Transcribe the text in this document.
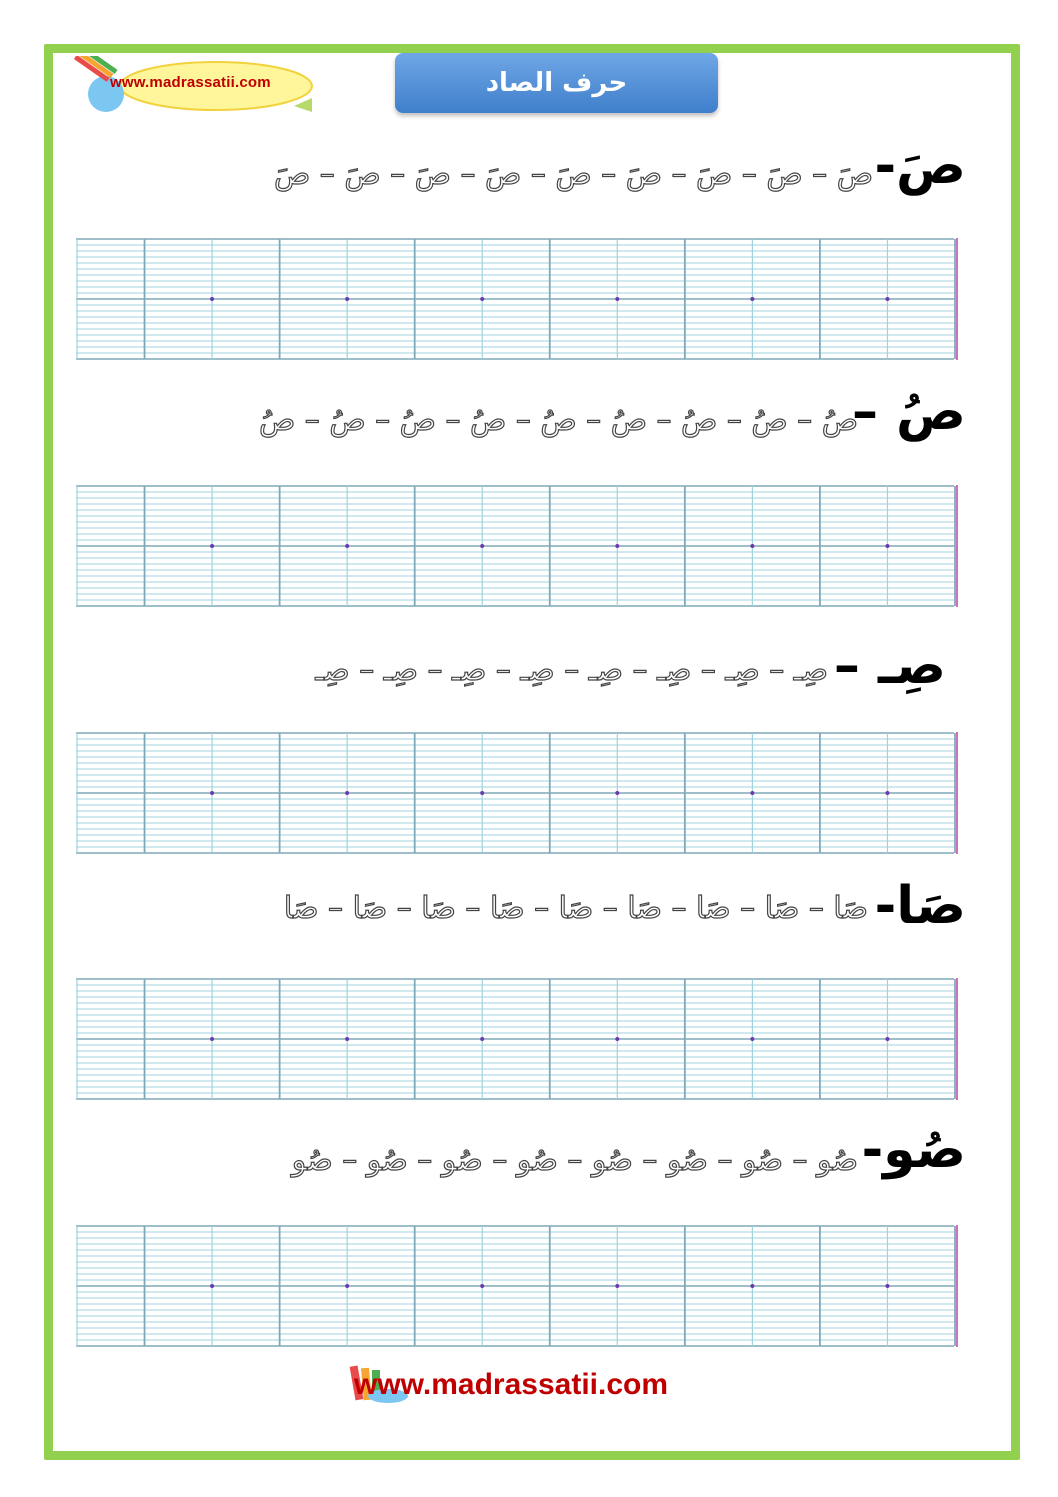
www.madrassatii.com	حرف الصاد
صَ-
صَ – صَ – صَ – صَ – صَ – صَ – صَ – صَ – صَ
صُ –
صُ – صُ – صُ – صُ – صُ – صُ – صُ – صُ – صُ
صِـ –
صِـ – صِـ – صِـ – صِـ – صِـ – صِـ – صِـ – صِـ
صَا-
صَا – صَا – صَا – صَا – صَا – صَا – صَا – صَا – صَا
صُو-
صُو – صُو – صُو – صُو – صُو – صُو – صُو – صُو
www.madrassatii.com
